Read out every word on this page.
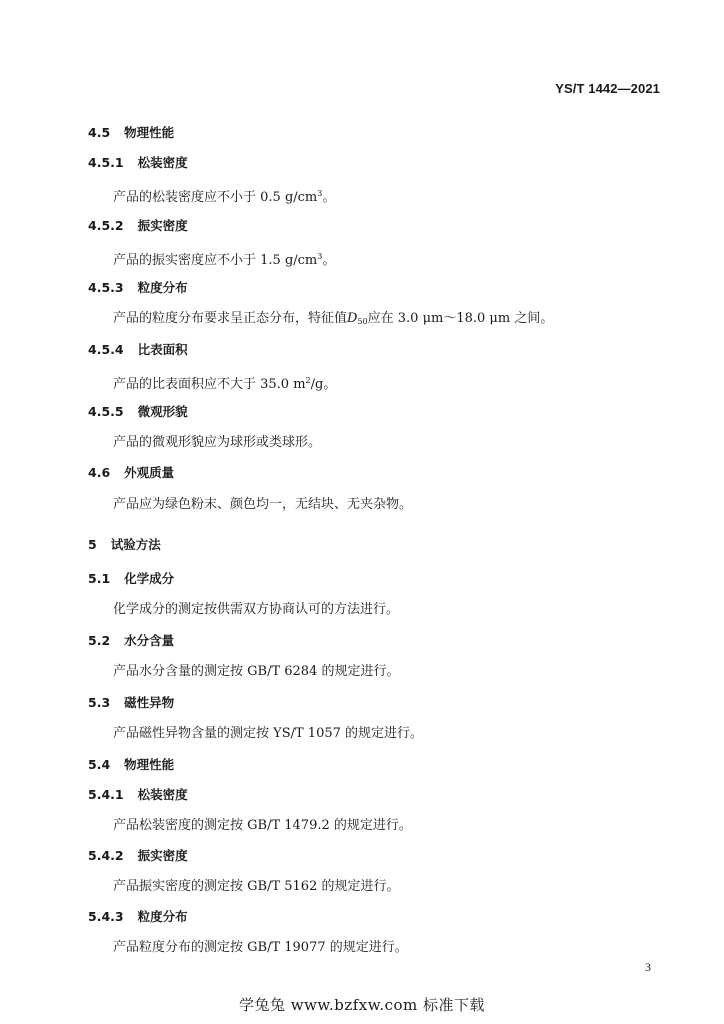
YS/T 1442—2021
4.5 物理性能
4.5.1 松装密度
产品的松装密度应不小于 0.5 $g/cm^3$。
4.5.2 振实密度
产品的振实密度应不小于 1.5 $g/cm^3$。
4.5.3 粒度分布
产品的粒度分布要求呈正态分布，特征值$D_{50}$应在 3.0 μm～18.0 μm 之间。
4.5.4 比表面积
产品的比表面积应不大于 35.0 $m^2/g$。
4.5.5 微观形貌
产品的微观形貌应为球形或类球形。
4.6 外观质量
产品应为绿色粉末、颜色均一，无结块、无夹杂物。
5 试验方法
5.1 化学成分
化学成分的测定按供需双方协商认可的方法进行。
5.2 水分含量
产品水分含量的测定按 GB/T 6284 的规定进行。
5.3 磁性异物
产品磁性异物含量的测定按 YS/T 1057 的规定进行。
5.4 物理性能
5.4.1 松装密度
产品松装密度的测定按 GB/T 1479.2 的规定进行。
5.4.2 振实密度
产品振实密度的测定按 GB/T 5162 的规定进行。
5.4.3 粒度分布
产品粒度分布的测定按 GB/T 19077 的规定进行。
3
学兔兔 www.bzfxw.com 标准下载
